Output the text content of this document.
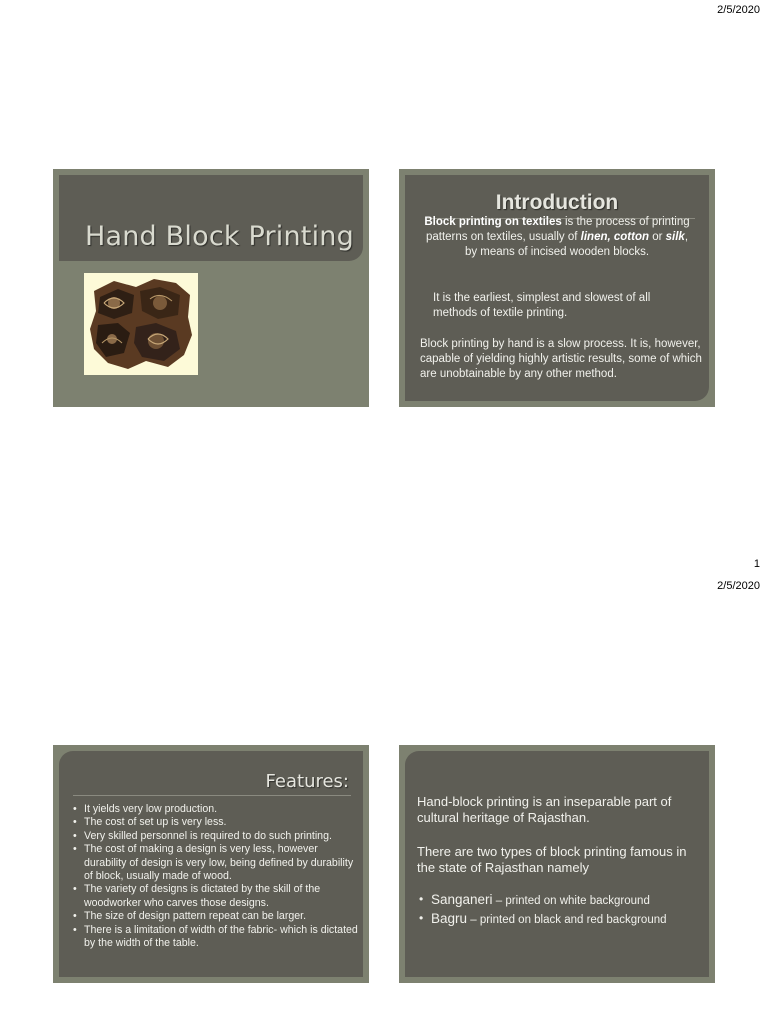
2/5/2020
Hand Block Printing
Introduction
Block printing on textiles is the process of printing patterns on textiles, usually of linen, cotton or silk, by means of incised wooden blocks.
It is the earliest, simplest and slowest of all methods of textile printing.
Block printing by hand is a slow process. It is, however, capable of yielding highly artistic results, some of which are unobtainable by any other method.
1
2/5/2020
Features:
• It yields very low production.
• The cost of set up is very less.
• Very skilled personnel is required to do such printing.
• The cost of making a design is very less, however durability of design is very low, being defined by durability of block, usually made of wood.
• The variety of designs is dictated by the skill of the woodworker who carves those designs.
• The size of design pattern repeat can be larger.
• There is a limitation of width of the fabric- which is dictated by the width of the table.
Hand-block printing is an inseparable part of cultural heritage of Rajasthan.
There are two types of block printing famous in the state of Rajasthan namely
• Sanganeri – printed on white background
• Bagru – printed on black and red background
